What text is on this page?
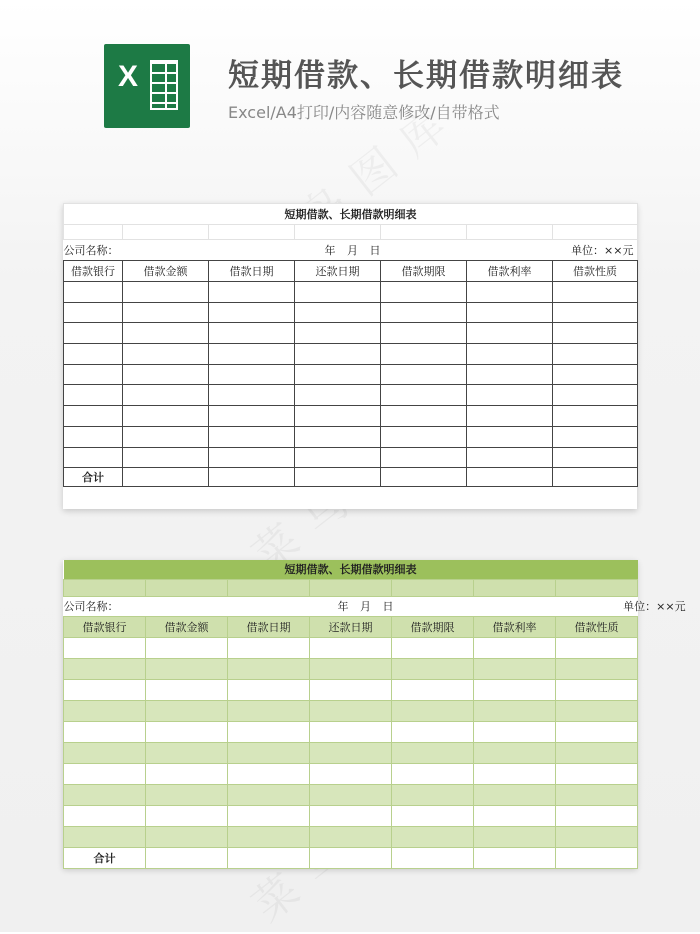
X	短期借款、长期借款明细表
Excel/A4打印/内容随意修改/自带格式
短期借款、长期借款明细表						

公司名称：		年 月 日			单位：××元	
借款银行	借款金额	借款日期	还款日期	借款期限	借款利率	借款性质

合计						
短期借款、长期借款明细表						

公司名称：		年 月 日			单位：××元	
借款银行	借款金额	借款日期	还款日期	借款期限	借款利率	借款性质

合计						
